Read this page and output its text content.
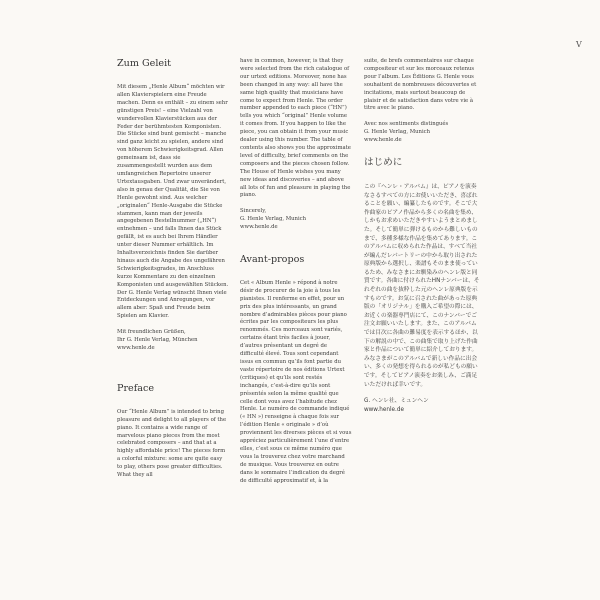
V
Zum Geleit

Mit diesem „Henle Album“ möchten wir allen Klavierspielern eine Freude machen. Denn es enthält – zu einem sehr günstigen Preis! – eine Vielzahl von wundervollen Klavierstücken aus der Feder der berühmtesten Komponisten. Die Stücke sind bunt gemischt – manche sind ganz leicht zu spielen, andere sind von höherem Schwierigkeitsgrad. Allen gemeinsam ist, dass sie zusammengestellt wurden aus dem umfangreichen Repertoire unserer Urtextausgaben. Und zwar unverändert, also in genau der Qualität, die Sie von Henle gewohnt sind. Aus welcher „originalen“ Henle-Ausgabe die Stücke stammen, kann man der jeweils angegebenen Bestellnummer („HN“) entnehmen – und falls Ihnen das Stück gefällt, ist es auch bei Ihrem Händler unter dieser Nummer erhältlich. Im Inhaltsverzeichnis finden Sie darüber hinaus auch die Angabe des ungefähren Schwierigkeitsgrades, im Anschluss kurze Kommentare zu den einzelnen Komponisten und ausgewählten Stücken. Der G. Henle Verlag wünscht Ihnen viele Entdeckungen und Anregungen, vor allem aber: Spaß und Freude beim Spielen am Klavier.

Mit freundlichen Grüßen,

Ihr G. Henle Verlag, München

www.henle.de

Preface

Our “Henle Album” is intended to bring pleasure and delight to all players of the piano. It contains a wide range of marvelous piano pieces from the most celebrated composers – and that at a highly affordable price! The pieces form a colorful mixture: some are quite easy to play, others pose greater difficulties. What they all

have in common, however, is that they were selected from the rich catalogue of our urtext editions. Moreover, none has been changed in any way: all have the same high quality that musicians have come to expect from Henle. The order number appended to each piece (“HN”) tells you which “original” Henle volume it comes from. If you happen to like the piece, you can obtain it from your music dealer using this number. The table of contents also shows you the approximate level of difficulty, brief comments on the composers and the pieces chosen follow. The House of Henle wishes you many new ideas and discoveries – and above all lots of fun and pleasure in playing the piano.

Sincerely,

G. Henle Verlag, Munich

www.henle.de

Avant-propos

Cet « Album Henle » répond à notre désir de procurer de la joie à tous les pianistes. Il renferme en effet, pour un prix des plus intéressants, un grand nombre d’admirables pièces pour piano écrites par les compositeurs les plus renommés. Ces morceaux sont variés, certains étant très faciles à jouer, d’autres présentant un degré de difficulté élevé. Tous sont cependant issus en commun qu’ils font partie du vaste répertoire de nos éditions Urtext (critiques) et qu’ils sont restés inchangés, c’est-à-dire qu’ils sont présentés selon la même qualité que celle dont vous avez l’habitude chez Henle. Le numéro de commande indiqué (« HN ») renseigne à chaque fois sur l’édition Henle « originale » d’où proviennent les diverses pièces et si vous appréciez particulièrement l’une d’entre elles, c’est sous ce même numéro que vous la trouverez chez votre marchand de musique. Vous trouverez en outre dans le sommaire l’indication du degré de difficulté approximatif et, à la

suite, de brefs commentaires sur chaque compositeur et sur les morceaux retenus pour l’album. Les Éditions G. Henle vous souhaitent de nombreuses découvertes et incitations, mais surtout beaucoup de plaisir et de satisfaction dans votre vie à titre avec le piano.

Avec nos sentiments distingués

G. Henle Verlag, Munich

www.henle.de

はじめに

この『ヘンレ・アルバム』は、ピアノを演奏なさるすべての方にお使いいただき、喜ばれることを願い、編纂したものです。そこで大作曲家のピアノ作品から多くの名曲を集め、しかもお求めいただきやすいようまとめました。そして簡単に弾けるものから難しいものまで、多種多様な作品を集めてあります。このアルバムに収められた作品は、すべて当社が編んだレパートリーの中から取り出された原典版から選択し、楽譜もそのまま使っているため、みなさまにお馴染みのヘンレ版と同質です。各曲に付けられたHNナンバーは、それぞれの曲を抜粋した元のヘンレ原典版を示すものです。お気に召された曲があった原典版の「オリジナル」を購入ご希望の際には、お近くの楽器専門店にて、このナンバーでご注文お願いいたします。また、このアルバムでは目次に各曲の難易度を表示するほか、以下の解説の中で、この曲集で取り上げた作曲家と作品について簡単に紹介しております。みなさまがこのアルバムで新しい作品に出会い、多くの発想を得られるのが私どもの願いです。そしてピアノ演奏をお楽しみ、ご満足いただければ幸いです。

G. ヘンレ社、ミュンヘン

www.henle.de
